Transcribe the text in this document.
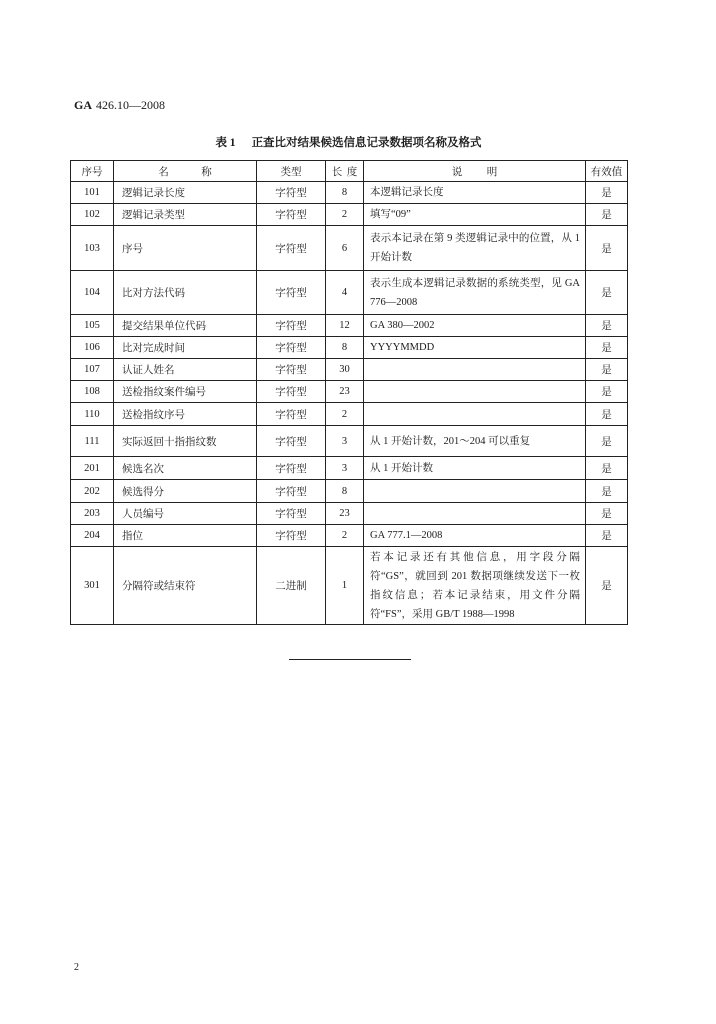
GA 426.10—2008
表 1 正查比对结果候选信息记录数据项名称及格式
序号	名 称	类型	长 度	说 明	有效值
101	逻辑记录长度	字符型	8	本逻辑记录长度	是
102	逻辑记录类型	字符型	2	填写“09”	是
103	序号	字符型	6	表示本记录在第 9 类逻辑记录中的位置，从 1 开始计数	是
104	比对方法代码	字符型	4	表示生成本逻辑记录数据的系统类型，见 GA 776—2008	是
105	提交结果单位代码	字符型	12	GA 380—2002	是
106	比对完成时间	字符型	8	YYYYMMDD	是
107	认证人姓名	字符型	30		是
108	送检指纹案件编号	字符型	23		是
110	送检指纹序号	字符型	2		是
111	实际返回十指指纹数	字符型	3	从 1 开始计数，201～204 可以重复	是
201	候选名次	字符型	3	从 1 开始计数	是
202	候选得分	字符型	8		是
203	人员编号	字符型	23		是
204	指位	字符型	2	GA 777.1—2008	是
301	分隔符或结束符	二进制	1	若本记录还有其他信息，用字段分隔符“GS”，就回到 201 数据项继续发送下一枚指纹信息；若本记录结束，用文件分隔符“FS”，采用 GB/T 1988—1998	是
2
